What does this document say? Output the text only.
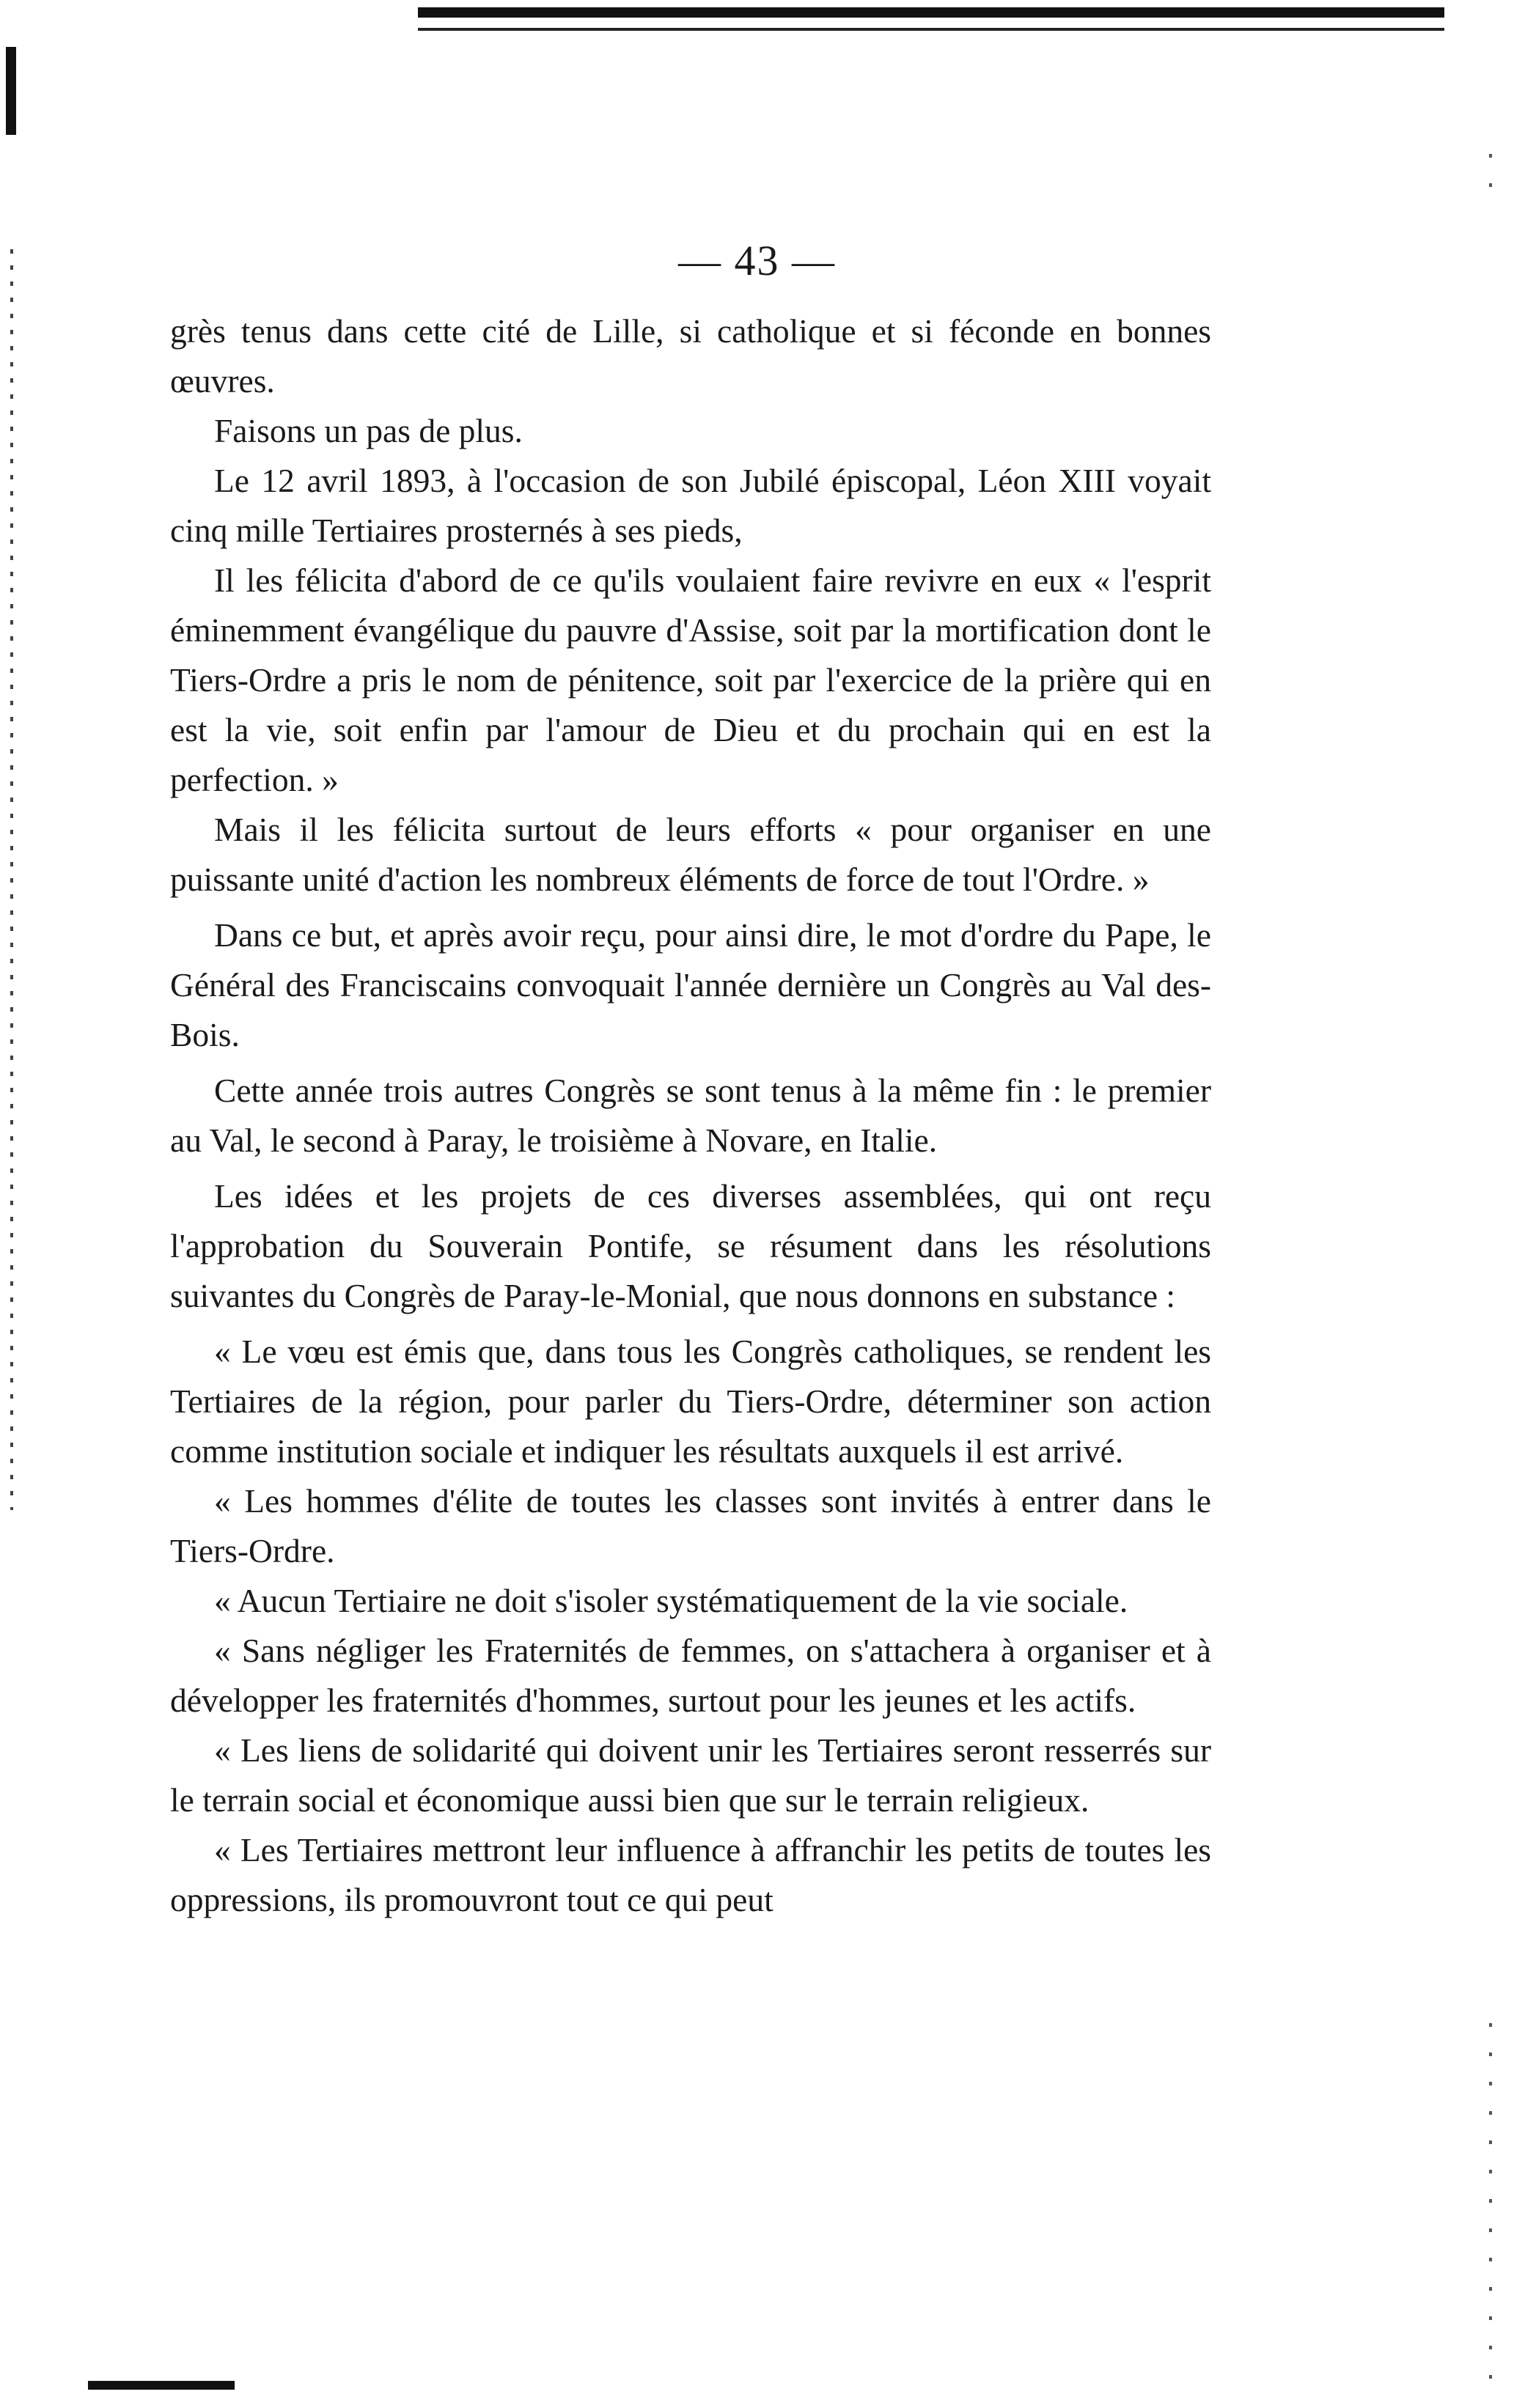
— 43 —

grès tenus dans cette cité de Lille, si catholique et si féconde en bonnes œuvres.

Faisons un pas de plus.

Le 12 avril 1893, à l'occasion de son Jubilé épiscopal, Léon XIII voyait cinq mille Tertiaires prosternés à ses pieds,

Il les félicita d'abord de ce qu'ils voulaient faire revivre en eux « l'esprit éminemment évangélique du pauvre d'Assise, soit par la mortification dont le Tiers-Ordre a pris le nom de pénitence, soit par l'exercice de la prière qui en est la vie, soit enfin par l'amour de Dieu et du prochain qui en est la perfection. »

Mais il les félicita surtout de leurs efforts « pour organiser en une puissante unité d'action les nombreux éléments de force de tout l'Ordre. »

Dans ce but, et après avoir reçu, pour ainsi dire, le mot d'ordre du Pape, le Général des Franciscains convoquait l'année dernière un Congrès au Val des-Bois.

Cette année trois autres Congrès se sont tenus à la même fin : le premier au Val, le second à Paray, le troisième à Novare, en Italie.

Les idées et les projets de ces diverses assemblées, qui ont reçu l'approbation du Souverain Pontife, se résument dans les résolutions suivantes du Congrès de Paray-le-Monial, que nous donnons en substance :

« Le vœu est émis que, dans tous les Congrès catholiques, se rendent les Tertiaires de la région, pour parler du Tiers-Ordre, déterminer son action comme institution sociale et indiquer les résultats auxquels il est arrivé.

« Les hommes d'élite de toutes les classes sont invités à entrer dans le Tiers-Ordre.

« Aucun Tertiaire ne doit s'isoler systématiquement de la vie sociale.

« Sans négliger les Fraternités de femmes, on s'attachera à organiser et à développer les fraternités d'hommes, surtout pour les jeunes et les actifs.

« Les liens de solidarité qui doivent unir les Tertiaires seront resserrés sur le terrain social et économique aussi bien que sur le terrain religieux.

« Les Tertiaires mettront leur influence à affranchir les petits de toutes les oppressions, ils promouvront tout ce qui peut
